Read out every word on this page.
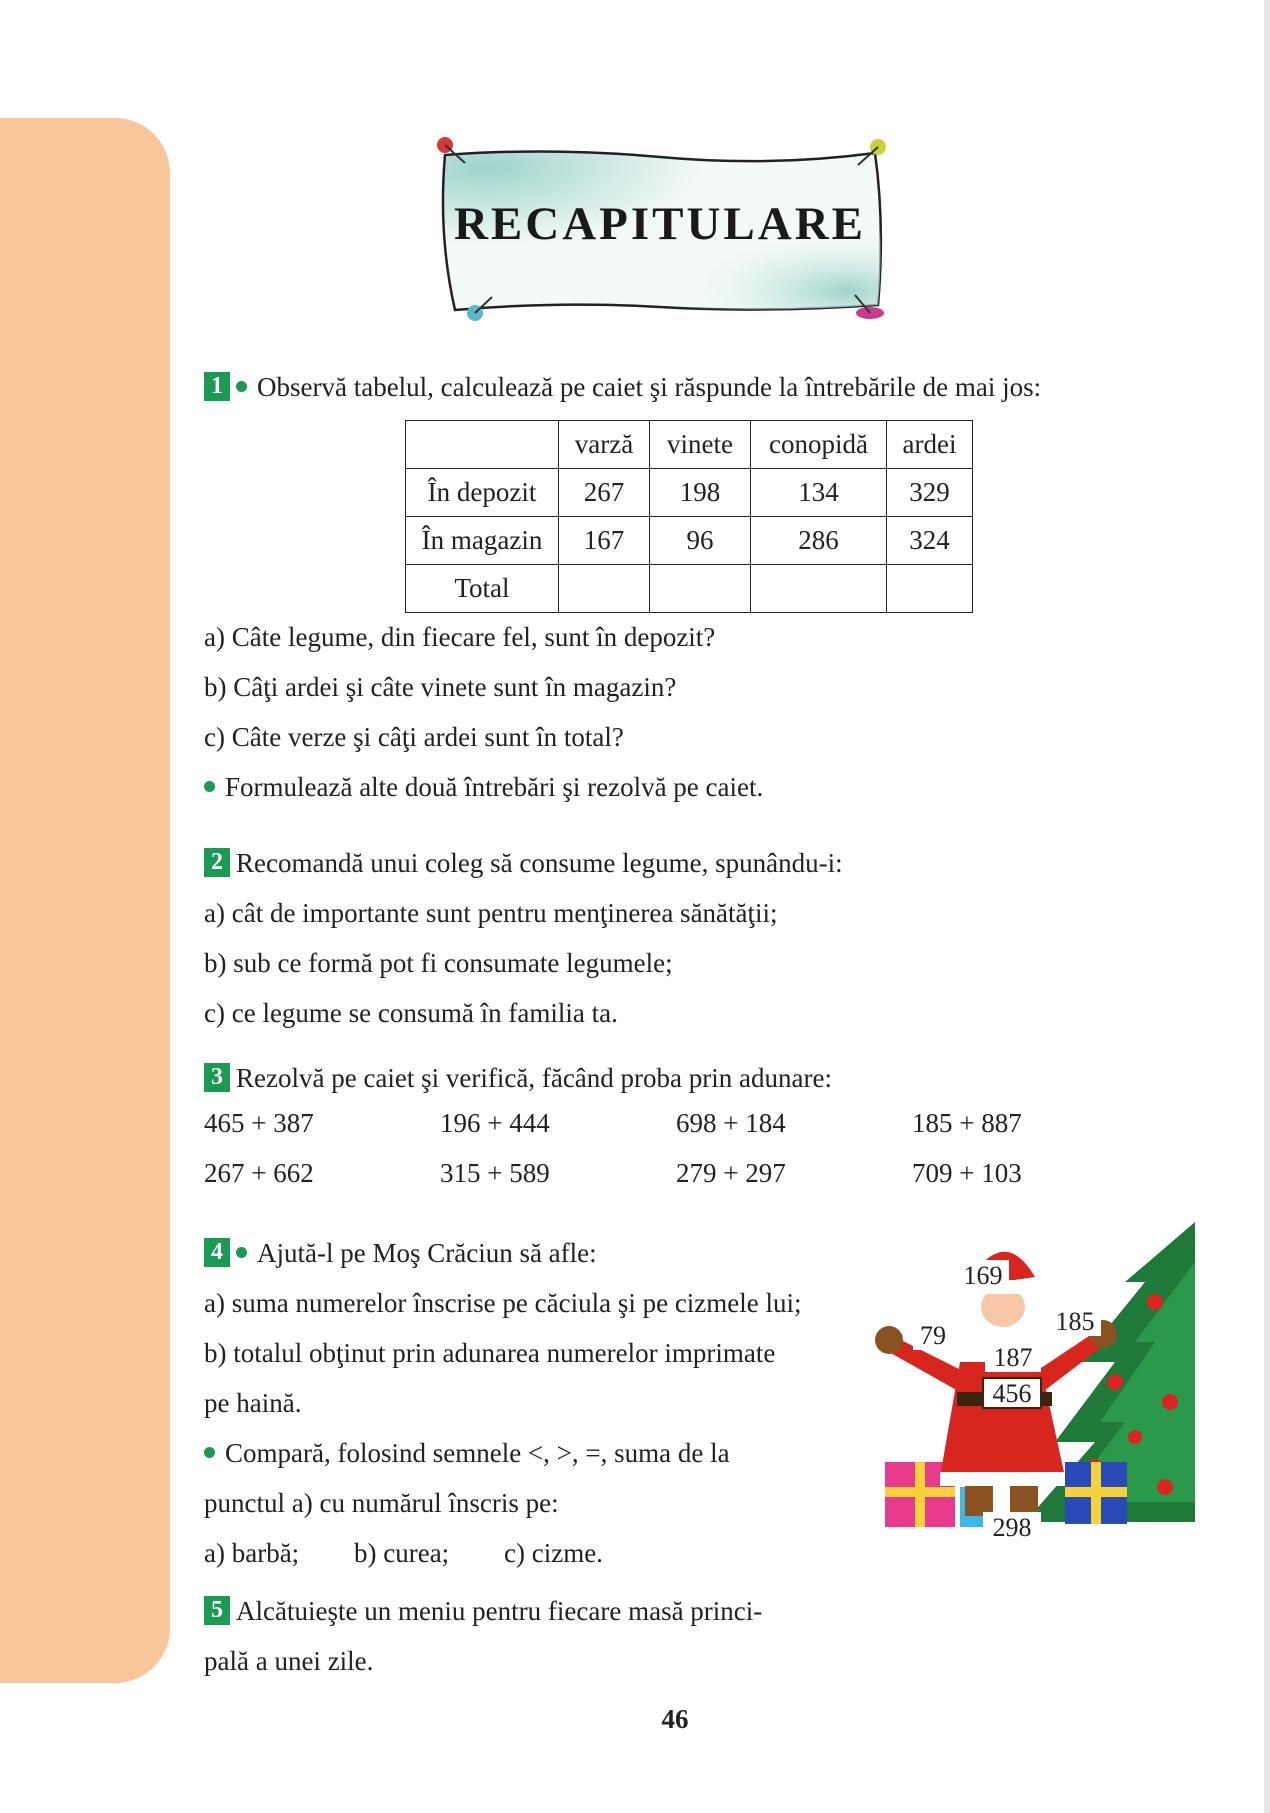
RECAPITULARE
1 Observă tabelul, calculează pe caiet şi răspunde la întrebările de mai jos:
	varză	vinete	conopidă	ardei
În depozit	267	198	134	329
În magazin	167	96	286	324
Total				
a) Câte legume, din fiecare fel, sunt în depozit?
b) Câţi ardei şi câte vinete sunt în magazin?
c) Câte verze şi câţi ardei sunt în total?
Formulează alte două întrebări şi rezolvă pe caiet.
2 Recomandă unui coleg să consume legume, spunându-i:
a) cât de importante sunt pentru menţinerea sănătăţii;
b) sub ce formă pot fi consumate legumele;
c) ce legume se consumă în familia ta.
3 Rezolvă pe caiet şi verifică, făcând proba prin adunare:
465 + 387	196 + 444	698 + 184	185 + 887
267 + 662	315 + 589	279 + 297	709 + 103
4 Ajută-l pe Moş Crăciun să afle:
a) suma numerelor înscrise pe căciula şi pe cizmele lui;
b) totalul obţinut prin adunarea numerelor imprimate
pe haină.
Compară, folosind semnele <, >, =, suma de la
punctul a) cu numărul înscris pe:
a) barbă; b) curea; c) cizme.
169
79	185
187
456
298
5 Alcătuieşte un meniu pentru fiecare masă princi-
pală a unei zile.
46
